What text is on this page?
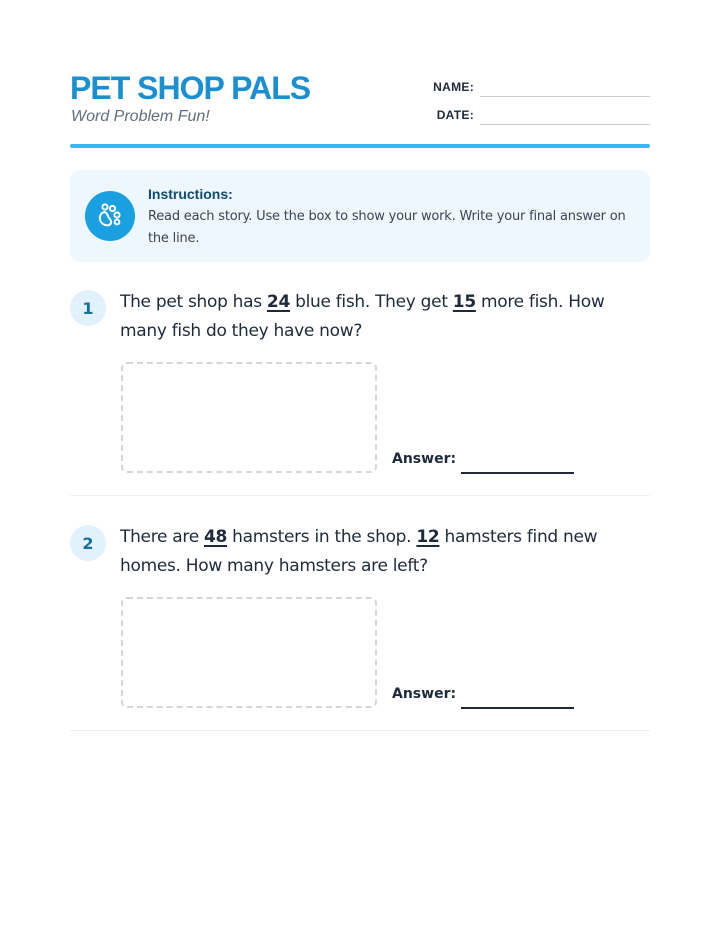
PET SHOP PALS
Word Problem Fun!
NAME:
DATE:
Instructions:
Read each story. Use the box to show your work. Write your final answer on the line.
1	The pet shop has 24 blue fish. They get 15 more fish. How many fish do they have now?
Answer:
2	There are 48 hamsters in the shop. 12 hamsters find new homes. How many hamsters are left?
Answer:
